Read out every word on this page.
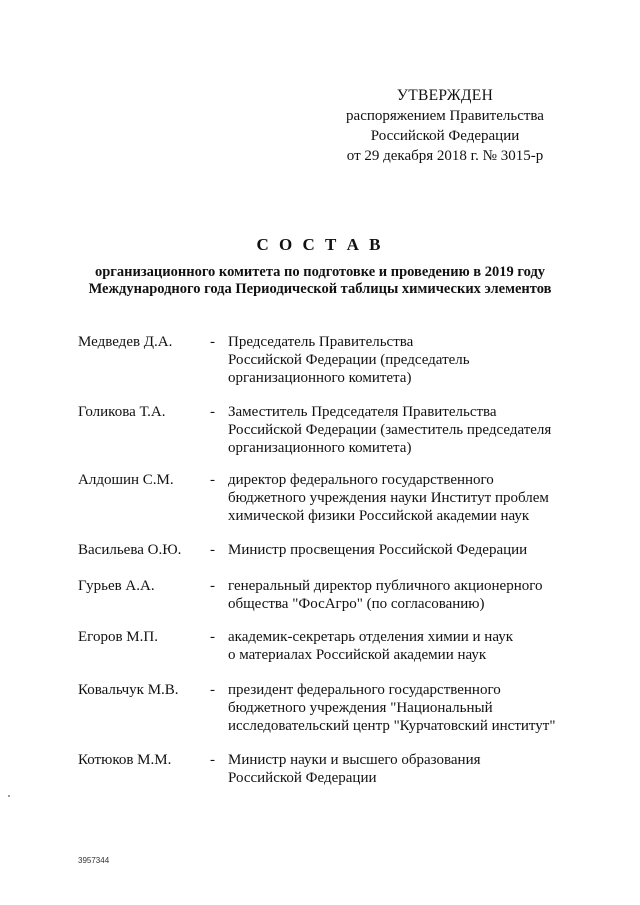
УТВЕРЖДЕН
распоряжением Правительства
Российской Федерации
от 29 декабря 2018 г. № 3015-р
С О С Т А В
организационного комитета по подготовке и проведению в 2019 году
Международного года Периодической таблицы химических элементов
Медведев Д.А.	- Председатель Правительства
Российской Федерации (председатель
организационного комитета)
Голикова Т.А.	- Заместитель Председателя Правительства
Российской Федерации (заместитель председателя
организационного комитета)
Алдошин С.М.	- директор федерального государственного
бюджетного учреждения науки Институт проблем
химической физики Российской академии наук
Васильева О.Ю.	- Министр просвещения Российской Федерации
Гурьев А.А.	- генеральный директор публичного акционерного
общества "ФосАгро" (по согласованию)
Егоров М.П.	- академик-секретарь отделения химии и наук
о материалах Российской академии наук
Ковальчук М.В.	- президент федерального государственного
бюджетного учреждения "Национальный
исследовательский центр "Курчатовский институт"
Котюков М.М.	- Министр науки и высшего образования
Российской Федерации
3957344
